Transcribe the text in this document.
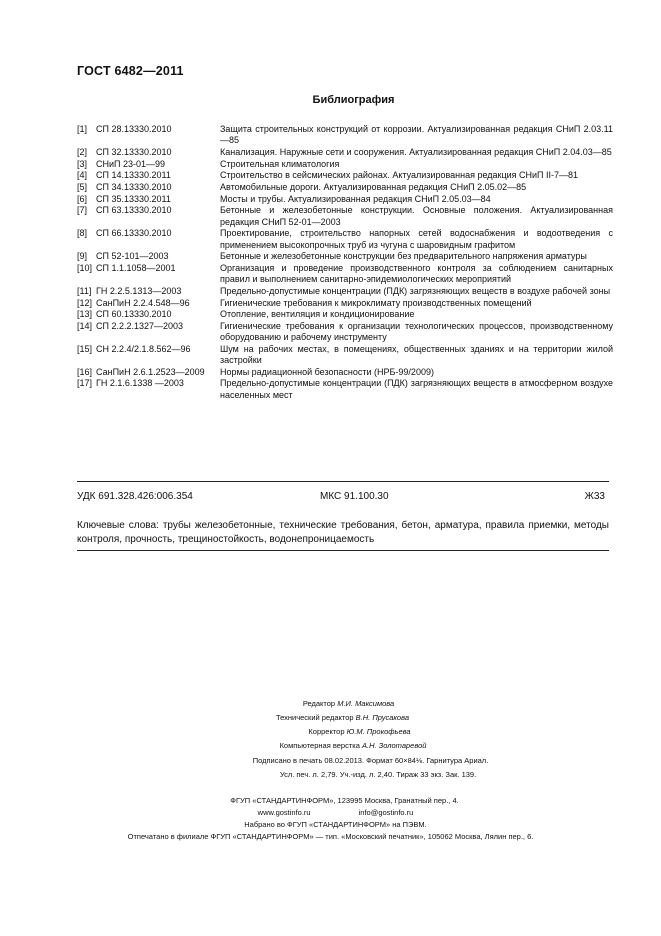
ГОСТ 6482—2011
Библиография
[1] СП 28.13330.2010	Защита строительных конструкций от коррозии. Актуализированная редакция СНиП 2.03.11—85
[2] СП 32.13330.2010	Канализация. Наружные сети и сооружения. Актуализированная редакция СНиП 2.04.03—85
[3] СНиП 23-01—99	Строительная климатология
[4] СП 14.13330.2011	Строительство в сейсмических районах. Актуализированная редакция СНиП II-7—81
[5] СП 34.13330.2010	Автомобильные дороги. Актуализированная редакция СНиП 2.05.02—85
[6] СП 35.13330.2011	Мосты и трубы. Актуализированная редакция СНиП 2.05.03—84
[7] СП 63.13330.2010	Бетонные и железобетонные конструкции. Основные положения. Актуализированная редакция СНиП 52-01—2003
[8] СП 66.13330.2010	Проектирование, строительство напорных сетей водоснабжения и водоотведения с применением высокопрочных труб из чугуна с шаровидным графитом
[9] СП 52-101—2003	Бетонные и железобетонные конструкции без предварительного напряжения арматуры
[10] СП 1.1.1058—2001	Организация и проведение производственного контроля за соблюдением санитарных правил и выполнением санитарно-эпидемиологических мероприятий
[11] ГН 2.2.5.1313—2003	Предельно-допустимые концентрации (ПДК) загрязняющих веществ в воздухе рабочей зоны
[12] СанПиН 2.2.4.548—96	Гигиенические требования к микроклимату производственных помещений
[13] СП 60.13330.2010	Отопление, вентиляция и кондиционирование
[14] СП 2.2.2.1327—2003	Гигиенические требования к организации технологических процессов, производственному оборудованию и рабочему инструменту
[15] СН 2.2.4/2.1.8.562—96	Шум на рабочих местах, в помещениях, общественных зданиях и на территории жилой застройки
[16] СанПиН 2.6.1.2523—2009	Нормы радиационной безопасности (НРБ-99/2009)
[17] ГН 2.1.6.1338 —2003	Предельно-допустимые концентрации (ПДК) загрязняющих веществ в атмосферном воздухе населенных мест
УДК 691.328.426:006.354	МКС 91.100.30	Ж33
Ключевые слова: трубы железобетонные, технические требования, бетон, арматура, правила приемки, методы контроля, прочность, трещиностойкость, водонепроницаемость
Редактор М.И. Максимова
Технический редактор В.Н. Прусакова
Корректор Ю.М. Прокофьева
Компьютерная верстка А.Н. Золотаревой
Подписано в печать 08.02.2013. Формат 60×84⅛. Гарнитура Ариал.
Усл. печ. л. 2,79. Уч.-изд. л. 2,40. Тираж 33 экз. Зак. 139.
ФГУП «СТАНДАРТИНФОРМ», 123995 Москва, Гранатный пер., 4.
www.gostinfo.ru	info@gostinfo.ru
Набрано во ФГУП «СТАНДАРТИНФОРМ» на ПЭВМ.
Отпечатано в филиале ФГУП «СТАНДАРТИНФОРМ» — тип. «Московский печатник», 105062 Москва, Лялин пер., 6.
